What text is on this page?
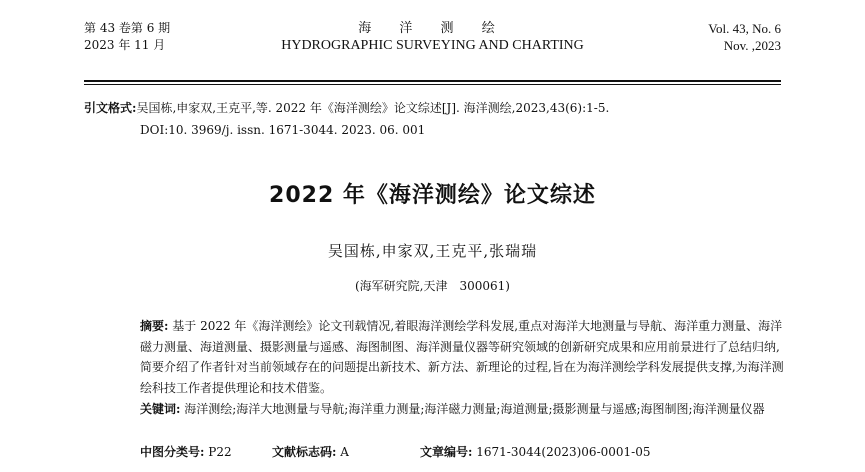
第 43 卷第 6 期
2023 年 11 月
海 洋 测 绘
HYDROGRAPHIC SURVEYING AND CHARTING
Vol. 43, No. 6
Nov. ,2023
引文格式:吴国栋,申家双,王克平,等. 2022 年《海洋测绘》论文综述[J]. 海洋测绘,2023,43(6):1-5.
DOI:10. 3969/j. issn. 1671-3044. 2023. 06. 001
2022 年《海洋测绘》论文综述
吴国栋,申家双,王克平,张瑞瑞
(海军研究院,天津　300061)
摘要: 基于 2022 年《海洋测绘》论文刊载情况,着眼海洋测绘学科发展,重点对海洋大地测量与导航、海洋重力测量、海洋磁力测量、海道测量、摄影测量与遥感、海图制图、海洋测量仪器等研究领域的创新研究成果和应用前景进行了总结归纳,简要介绍了作者针对当前领域存在的问题提出新技术、新方法、新理论的过程,旨在为海洋测绘学科发展提供支撑,为海洋测绘科技工作者提供理论和技术借鉴。
关键词: 海洋测绘;海洋大地测量与导航;海洋重力测量;海洋磁力测量;海道测量;摄影测量与遥感;海图制图;海洋测量仪器
中图分类号: P22	文献标志码: A	文章编号: 1671-3044(2023)06-0001-05
